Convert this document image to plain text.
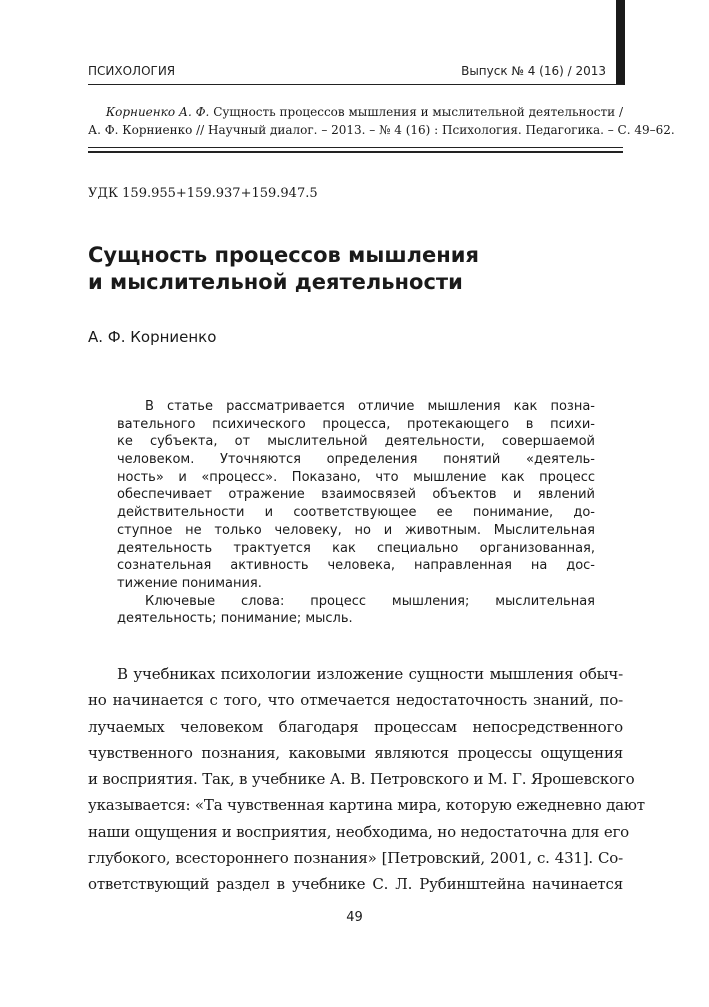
ПСИХОЛОГИЯ	Выпуск № 4 (16) / 2013
Корниенко А. Ф. Сущность процессов мышления и мыслительной деятельности /
А. Ф. Корниенко // Научный диалог. – 2013. – № 4 (16) : Психология. Педагогика. – С. 49–62.
УДК 159.955+159.937+159.947.5
Сущность процессов мышления
и мыслительной деятельности
А. Ф. Корниенко
В статье рассматривается отличие мышления как позна-
вательного психического процесса, протекающего в психи-
ке субъекта, от мыслительной деятельности, совершаемой
человеком. Уточняются определения понятий «деятель-
ность» и «процесс». Показано, что мышление как процесс
обеспечивает отражение взаимосвязей объектов и явлений
действительности и соответствующее ее понимание, до-
ступное не только человеку, но и животным. Мыслительная
деятельность трактуется как специально организованная,
сознательная активность человека, направленная на дос-
тижение понимания.
Ключевые слова: процесс мышления; мыслительная
деятельность; понимание; мысль.
В учебниках психологии изложение сущности мышления обыч-
но начинается с того, что отмечается недостаточность знаний, по-
лучаемых человеком благодаря процессам непосредственного
чувственного познания, каковыми являются процессы ощущения
и восприятия. Так, в учебнике А. В. Петровского и М. Г. Ярошевского
указывается: «Та чувственная картина мира, которую ежедневно дают
наши ощущения и восприятия, необходима, но недостаточна для его
глубокого, всестороннего познания» [Петровский, 2001, с. 431]. Со-
ответствующий раздел в учебнике С. Л. Рубинштейна начинается
49
